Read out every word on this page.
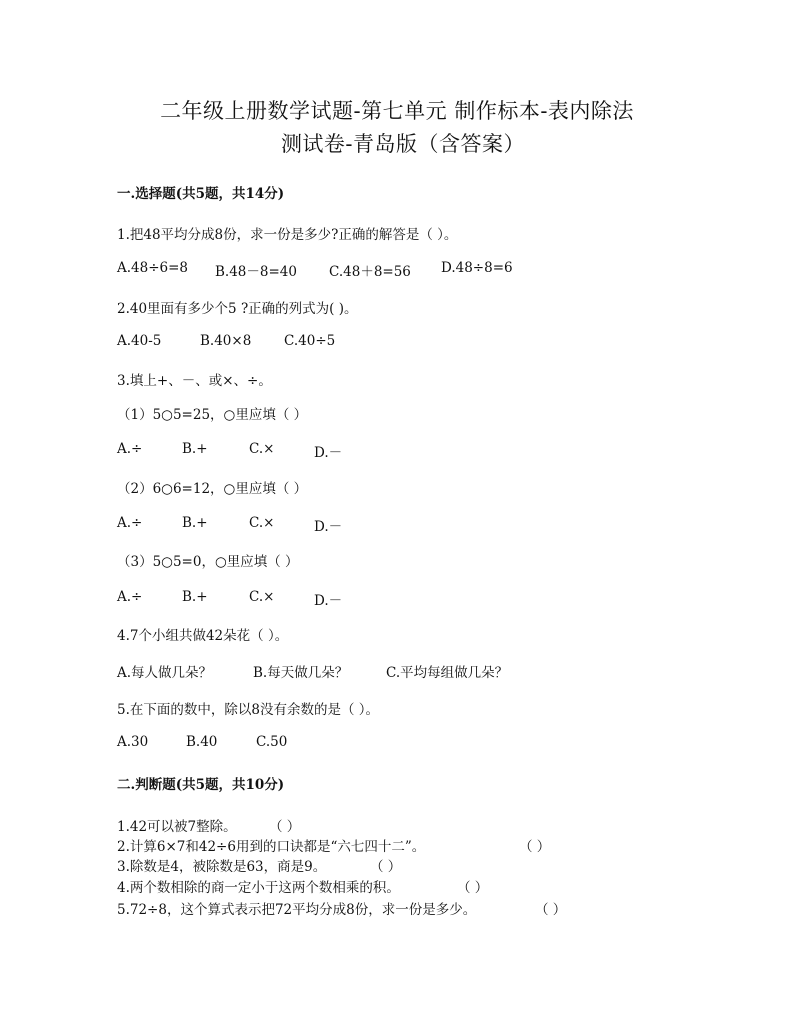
二年级上册数学试题-第七单元 制作标本-表内除法
测试卷-青岛版（含答案）
一.选择题(共5题，共14分)
1.把48平均分成8份，求一份是多少?正确的解答是（ ）。
A.48÷6=8 B.48－8=40 C.48＋8=56 D.48÷8=6
2.40里面有多少个5 ?正确的列式为( )。
A.40-5	B.40×8 C.40÷5
3.填上+、－、或×、÷。
（1）5○5=25，○里应填（ ）
A.÷	B.+	C.×	D.－
（2）6○6=12，○里应填（ ）
A.÷	B.+	C.×	D.－
（3）5○5=0，○里应填（ ）
A.÷	B.+	C.×	D.－
4.7个小组共做42朵花（ ）。
A.每人做几朵？	B.每天做几朵？	C.平均每组做几朵？
5.在下面的数中，除以8没有余数的是（ ）。
A.30	B.40	C.50
二.判断题(共5题，共10分)
1.42可以被7整除。 （ ）
2.计算6×7和42÷6用到的口诀都是“六七四十二”。	（ ）
3.除数是4，被除数是63，商是9。	（ ）
4.两个数相除的商一定小于这两个数相乘的积。	（ ）
5.72÷8，这个算式表示把72平均分成8份，求一份是多少。	（ ）
